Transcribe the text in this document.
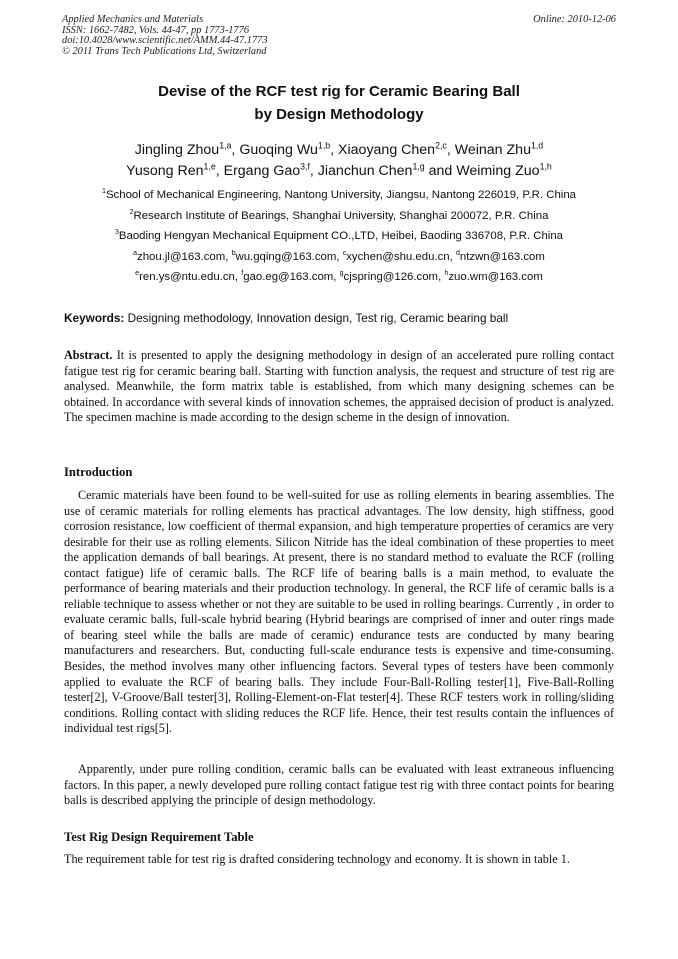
Applied Mechanics and Materials
ISSN: 1662-7482, Vols. 44-47, pp 1773-1776
doi:10.4028/www.scientific.net/AMM.44-47.1773
© 2011 Trans Tech Publications Ltd, Switzerland
Online: 2010-12-06
Devise of the RCF test rig for Ceramic Bearing Ball
by Design Methodology
Jingling Zhou$^{1,a}$, Guoqing Wu$^{1,b}$, Xiaoyang Chen$^{2,c}$, Weinan Zhu$^{1,d}$
Yusong Ren$^{1,e}$, Ergang Gao$^{3,f}$, Jianchun Chen$^{1,g}$ and Weiming Zuo$^{1,h}$
$^1$School of Mechanical Engineering, Nantong University, Jiangsu, Nantong 226019, P.R. China
$^2$Research Institute of Bearings, Shanghai University, Shanghai 200072, P.R. China
$^3$Baoding Hengyan Mechanical Equipment CO.,LTD, Heibei, Baoding 336708, P.R. China
$^a$zhou.jl@163.com, $^b$wu.gqing@163.com, $^c$xychen@shu.edu.cn, $^d$ntzwn@163.com
$^e$ren.ys@ntu.edu.cn, $^f$gao.eg@163.com, $^g$cjspring@126.com, $^h$zuo.wm@163.com
Keywords: Designing methodology, Innovation design, Test rig, Ceramic bearing ball

Abstract. It is presented to apply the designing methodology in design of an accelerated pure rolling contact fatigue test rig for ceramic bearing ball. Starting with function analysis, the request and structure of test rig are analysed. Meanwhile, the form matrix table is established, from which many designing schemes can be obtained. In accordance with several kinds of innovation schemes, the appraised decision of product is analyzed. The specimen machine is made according to the design scheme in the design of innovation.

Introduction
Ceramic materials have been found to be well-suited for use as rolling elements in bearing assemblies. The use of ceramic materials for rolling elements has practical advantages. The low density, high stiffness, good corrosion resistance, low coefficient of thermal expansion, and high temperature properties of ceramics are very desirable for their use as rolling elements. Silicon Nitride has the ideal combination of these properties to meet the application demands of ball bearings. At present, there is no standard method to evaluate the RCF (rolling contact fatigue) life of ceramic balls. The RCF life of bearing balls is a main method, to evaluate the performance of bearing materials and their production technology. In general, the RCF life of ceramic balls is a reliable technique to assess whether or not they are suitable to be used in rolling bearings. Currently , in order to evaluate ceramic balls, full-scale hybrid bearing (Hybrid bearings are comprised of inner and outer rings made of bearing steel while the balls are made of ceramic) endurance tests are conducted by many bearing manufacturers and researchers. But, conducting full-scale endurance tests is expensive and time-consuming. Besides, the method involves many other influencing factors. Several types of testers have been commonly applied to evaluate the RCF of bearing balls. They include Four-Ball-Rolling tester[1], Five-Ball-Rolling tester[2], V-Groove/Ball tester[3], Rolling-Element-on-Flat tester[4]. These RCF testers work in rolling/sliding conditions. Rolling contact with sliding reduces the RCF life. Hence, their test results contain the influences of individual test rigs[5].
Apparently, under pure rolling condition, ceramic balls can be evaluated with least extraneous influencing factors. In this paper, a newly developed pure rolling contact fatigue test rig with three contact points for bearing balls is described applying the principle of design methodology.
Test Rig Design Requirement Table
The requirement table for test rig is drafted considering technology and economy. It is shown in table 1.
